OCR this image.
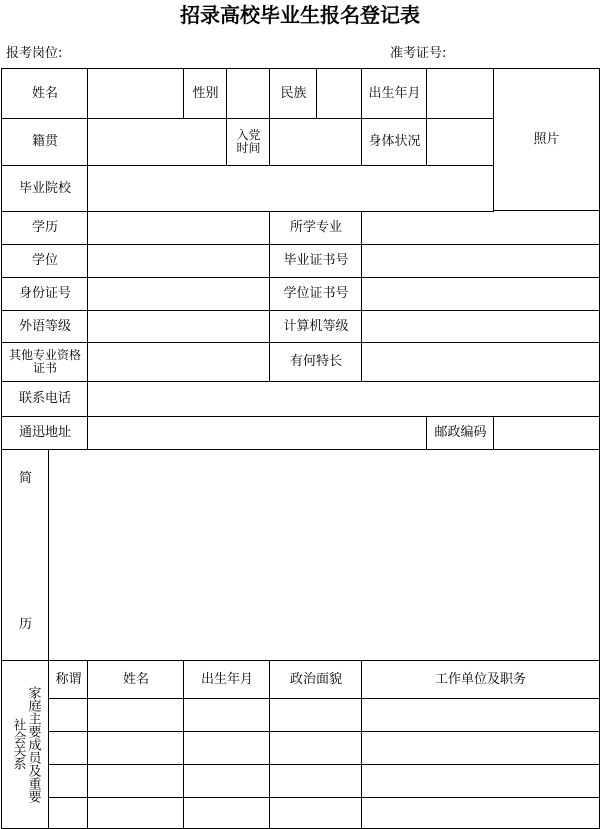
招录高校毕业生报名登记表
报考岗位:	准考证号:
姓名	性别	民族	出生年月
照片
籍贯	入党时间	身体状况
毕业院校
学历	所学专业
学位	毕业证书号
身份证号	学位证书号
外语等级	计算机等级
其他专业资格证书	有何特长
联系电话
通迅地址	邮政编码
简
历
家庭主要成员及重要社会关系
称谓	姓名	出生年月	政治面貌	工作单位及职务
